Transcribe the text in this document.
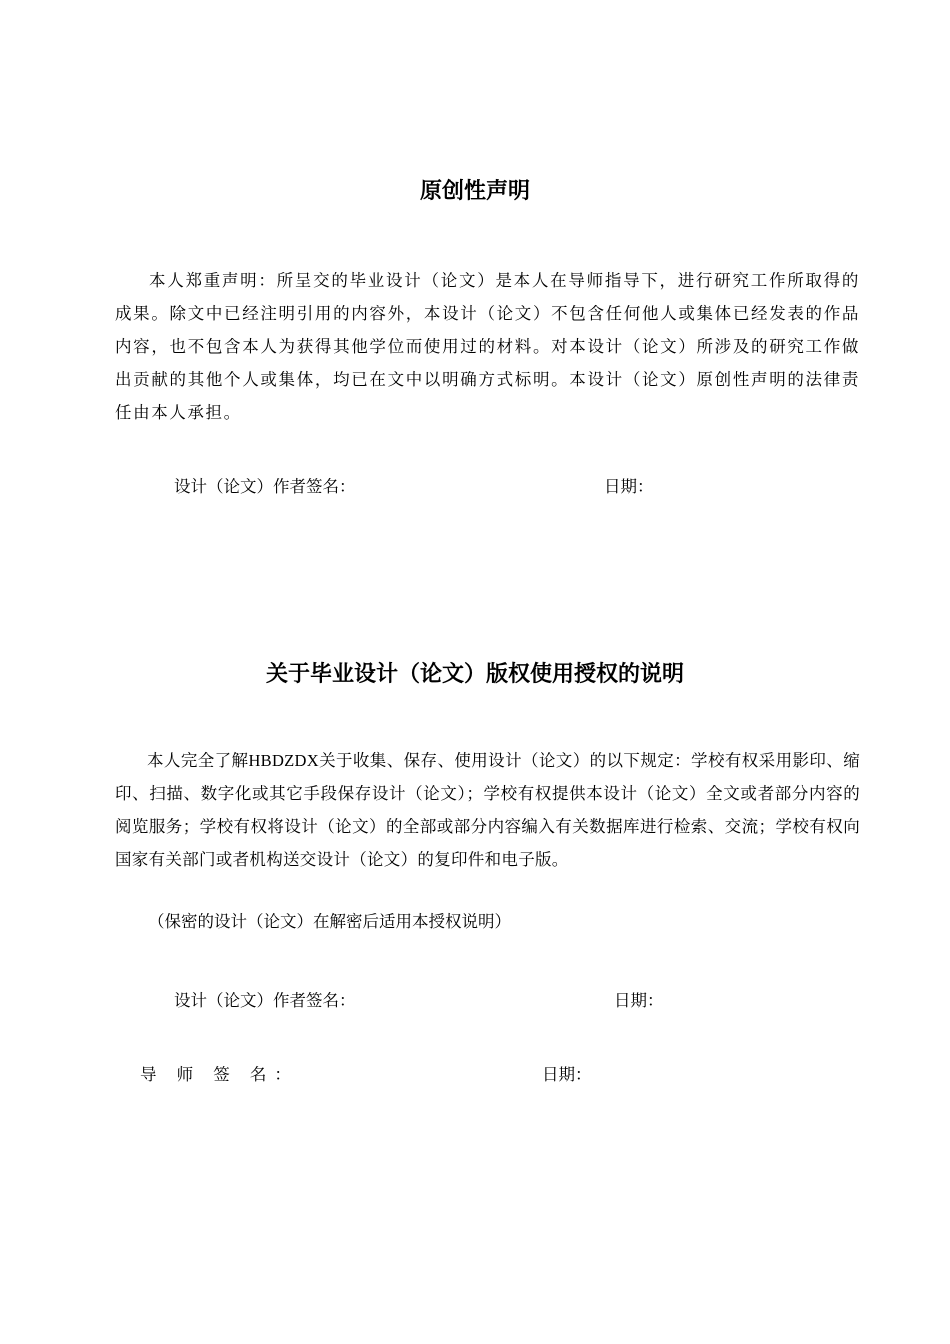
原创性声明

本人郑重声明：所呈交的毕业设计（论文）是本人在导师指导下，进行研究工作所取得的成果。除文中已经注明引用的内容外，本设计（论文）不包含任何他人或集体已经发表的作品内容，也不包含本人为获得其他学位而使用过的材料。对本设计（论文）所涉及的研究工作做出贡献的其他个人或集体，均已在文中以明确方式标明。本设计（论文）原创性声明的法律责任由本人承担。

设计（论文）作者签名：	日期：
关于毕业设计（论文）版权使用授权的说明

本人完全了解HBDZDX关于收集、保存、使用设计（论文）的以下规定：学校有权采用影印、缩印、扫描、数字化或其它手段保存设计（论文）；学校有权提供本设计（论文）全文或者部分内容的阅览服务；学校有权将设计（论文）的全部或部分内容编入有关数据库进行检索、交流；学校有权向国家有关部门或者机构送交设计（论文）的复印件和电子版。

（保密的设计（论文）在解密后适用本授权说明）
设计（论文）作者签名：	日期：
导 师 签 名：	日期：
